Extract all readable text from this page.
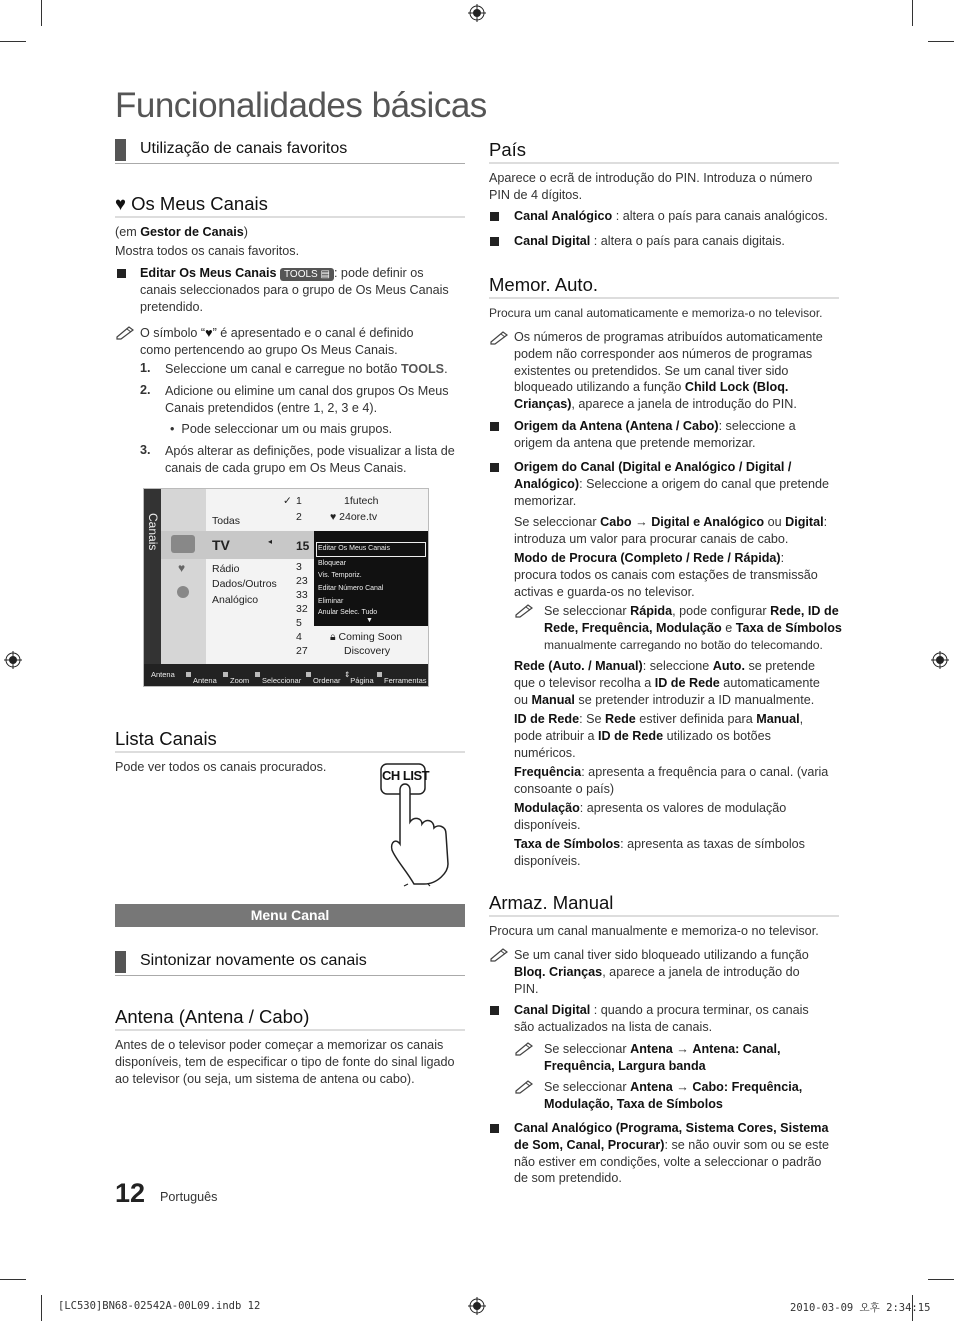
Funcionalidades básicas
Utilização de canais favoritos
♥ Os Meus Canais
(em Gestor de Canais)
Mostra todos os canais favoritos.
Editar Os Meus Canais TOOLS ▤ : pode definir os
canais seleccionados para o grupo de Os Meus Canais
pretendido.
O símbolo “♥” é apresentado e o canal é definido
como pertencendo ao grupo Os Meus Canais.
1. Seleccione um canal e carregue no botão TOOLS.
2. Adicione ou elimine um canal dos grupos Os Meus
Canais pretendidos (entre 1, 2, 3 e 4).
•  Pode seleccionar um ou mais grupos.
3. Após alterar as definições, pode visualizar a lista de
canais de cada grupo em Os Meus Canais.
Canais
♥
Todas
TV
Rádio
Dados/Outros
Analógico
✓ 1
2
◂ 15
3
23
33
32
5
4
27
1futech
♥ 24ore.tv
🔒︎ Coming Soon
Discovery
Editar Os Meus Canais
Bloquear
Vis. Temporiz.
Editar Número Canal
Eliminar
Anular Selec. Tudo
▼
Antena
Antena Zoom Seleccionar Ordenar
⇕
Página Ferramentas
Lista Canais
Pode ver todos os canais procurados.
CH LIST
Menu Canal
Sintonizar novamente os canais
Antena (Antena / Cabo)
Antes de o televisor poder começar a memorizar os canais
disponíveis, tem de especificar o tipo de fonte do sinal ligado
ao televisor (ou seja, um sistema de antena ou cabo).
País
Aparece o ecrã de introdução do PIN. Introduza o número
PIN de 4 dígitos.
Canal Analógico : altera o país para canais analógicos.
Canal Digital : altera o país para canais digitais.
Memor. Auto.
Procura um canal automaticamente e memoriza-o no televisor.
Os números de programas atribuídos automaticamente
podem não corresponder aos números de programas
existentes ou pretendidos. Se um canal tiver sido
bloqueado utilizando a função Child Lock (Bloq.
Crianças), aparece a janela de introdução do PIN.
Origem da Antena (Antena / Cabo): seleccione a
origem da antena que pretende memorizar.
Origem do Canal (Digital e Analógico / Digital /
Analógico): Seleccione a origem do canal que pretende
memorizar.
Se seleccionar Cabo → Digital e Analógico ou Digital:
introduza um valor para procurar canais de cabo.
Modo de Procura (Completo / Rede / Rápida):
procura todos os canais com estações de transmissão
activas e guarda-os no televisor.
Se seleccionar Rápida, pode configurar Rede, ID de
Rede, Frequência, Modulação e Taxa de Símbolos
manualmente carregando no botão do telecomando.
Rede (Auto. / Manual): seleccione Auto. se pretende
que o televisor recolha a ID de Rede automaticamente
ou Manual se pretender introduzir a ID manualmente.
ID de Rede: Se Rede estiver definida para Manual,
pode atribuir a ID de Rede utilizado os botões
numéricos.
Frequência: apresenta a frequência para o canal. (varia
consoante o país)
Modulação: apresenta os valores de modulação
disponíveis.
Taxa de Símbolos: apresenta as taxas de símbolos
disponíveis.
Armaz. Manual
Procura um canal manualmente e memoriza-o no televisor.
Se um canal tiver sido bloqueado utilizando a função
Bloq. Crianças, aparece a janela de introdução do
PIN.
Canal Digital : quando a procura terminar, os canais
são actualizados na lista de canais.
Se seleccionar Antena → Antena: Canal,
Frequência, Largura banda
Se seleccionar Antena → Cabo: Frequência,
Modulação, Taxa de Símbolos
Canal Analógico (Programa, Sistema Cores, Sistema
de Som, Canal, Procurar): se não ouvir som ou se este
não estiver em condições, volte a seleccionar o padrão
de som pretendido.
12 Português
[LC530]BN68-02542A-00L09.indb 12	2010-03-09 오후 2:34:15
